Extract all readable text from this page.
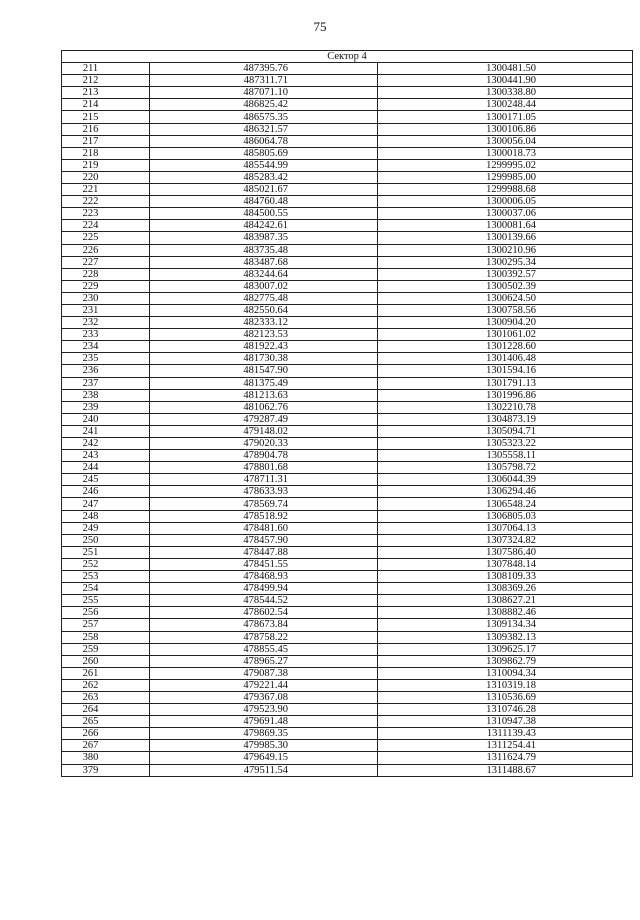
75
Сектор 4		
211	487395.76	1300481.50
212	487311.71	1300441.90
213	487071.10	1300338.80
214	486825.42	1300248.44
215	486575.35	1300171.05
216	486321.57	1300106.86
217	486064.78	1300056.04
218	485805.69	1300018.73
219	485544.99	1299995.02
220	485283.42	1299985.00
221	485021.67	1299988.68
222	484760.48	1300006.05
223	484500.55	1300037.06
224	484242.61	1300081.64
225	483987.35	1300139.66
226	483735.48	1300210.96
227	483487.68	1300295.34
228	483244.64	1300392.57
229	483007.02	1300502.39
230	482775.48	1300624.50
231	482550.64	1300758.56
232	482333.12	1300904.20
233	482123.53	1301061.02
234	481922.43	1301228.60
235	481730.38	1301406.48
236	481547.90	1301594.16
237	481375.49	1301791.13
238	481213.63	1301996.86
239	481062.76	1302210.78
240	479287.49	1304873.19
241	479148.02	1305094.71
242	479020.33	1305323.22
243	478904.78	1305558.11
244	478801.68	1305798.72
245	478711.31	1306044.39
246	478633.93	1306294.46
247	478569.74	1306548.24
248	478518.92	1306805.03
249	478481.60	1307064.13
250	478457.90	1307324.82
251	478447.88	1307586.40
252	478451.55	1307848.14
253	478468.93	1308109.33
254	478499.94	1308369.26
255	478544.52	1308627.21
256	478602.54	1308882.46
257	478673.84	1309134.34
258	478758.22	1309382.13
259	478855.45	1309625.17
260	478965.27	1309862.79
261	479087.38	1310094.34
262	479221.44	1310319.18
263	479367.08	1310536.69
264	479523.90	1310746.28
265	479691.48	1310947.38
266	479869.35	1311139.43
267	479985.30	1311254.41
380	479649.15	1311624.79
379	479511.54	1311488.67
